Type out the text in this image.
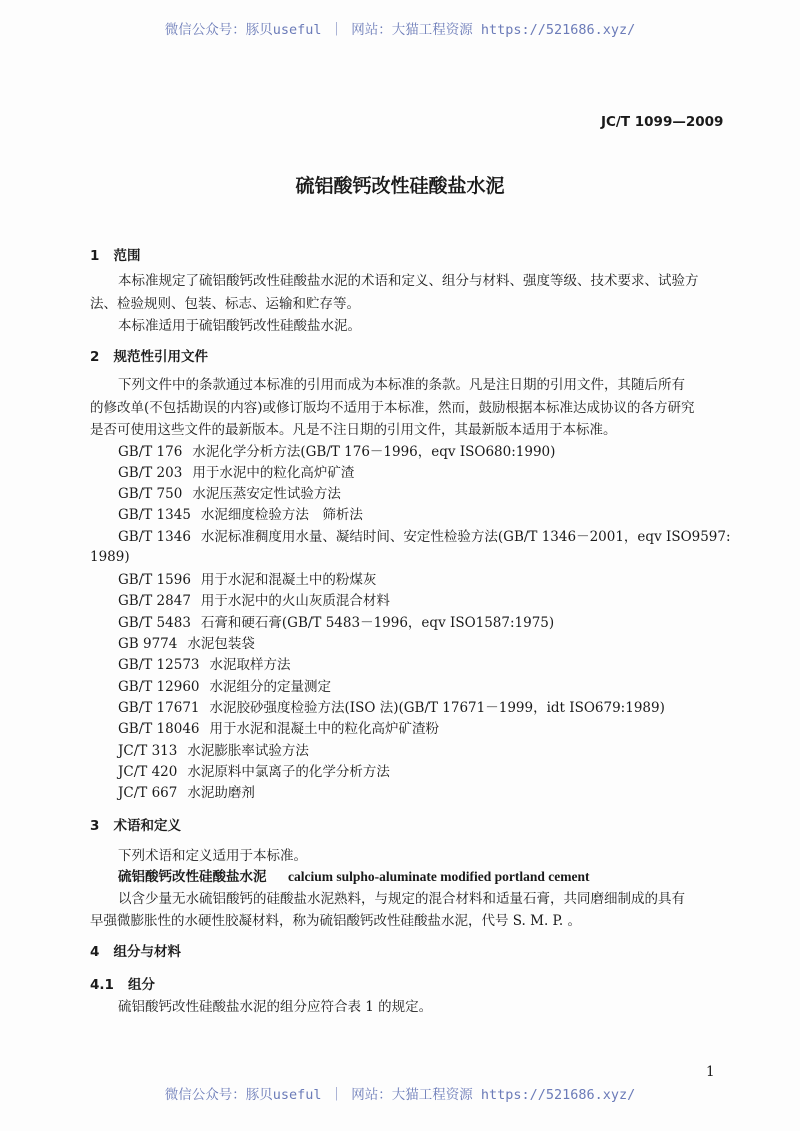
微信公众号：豚贝useful ｜ 网站：大猫工程资源 https://521686.xyz/
JC/T 1099—2009
硫铝酸钙改性硅酸盐水泥
1 范围
本标准规定了硫铝酸钙改性硅酸盐水泥的术语和定义、组分与材料、强度等级、技术要求、试验方
法、检验规则、包装、标志、运输和贮存等。
本标准适用于硫铝酸钙改性硅酸盐水泥。
2 规范性引用文件
下列文件中的条款通过本标准的引用而成为本标准的条款。凡是注日期的引用文件，其随后所有
的修改单(不包括勘误的内容)或修订版均不适用于本标准，然而，鼓励根据本标准达成协议的各方研究
是否可使用这些文件的最新版本。凡是不注日期的引用文件，其最新版本适用于本标准。
GB/T 176 水泥化学分析方法(GB/T 176－1996，eqv ISO680:1990)
GB/T 203 用于水泥中的粒化高炉矿渣
GB/T 750 水泥压蒸安定性试验方法
GB/T 1345 水泥细度检验方法　筛析法
GB/T 1346 水泥标准稠度用水量、凝结时间、安定性检验方法(GB/T 1346－2001，eqv ISO9597:
GB/T 1596 用于水泥和混凝土中的粉煤灰
GB/T 2847 用于水泥中的火山灰质混合材料
GB/T 5483 石膏和硬石膏(GB/T 5483－1996，eqv ISO1587:1975)
GB 9774 水泥包装袋
GB/T 12573 水泥取样方法
GB/T 12960 水泥组分的定量测定
GB/T 17671 水泥胶砂强度检验方法(ISO 法)(GB/T 17671－1999，idt ISO679:1989)
GB/T 18046 用于水泥和混凝土中的粒化高炉矿渣粉
JC/T 313 水泥膨胀率试验方法
JC/T 420 水泥原料中氯离子的化学分析方法
JC/T 667 水泥助磨剂
1989)
3 术语和定义
下列术语和定义适用于本标准。
硫铝酸钙改性硅酸盐水泥 calcium sulpho-aluminate modified portland cement
以含少量无水硫铝酸钙的硅酸盐水泥熟料，与规定的混合材料和适量石膏，共同磨细制成的具有
早强微膨胀性的水硬性胶凝材料，称为硫铝酸钙改性硅酸盐水泥，代号 S. M. P. 。
4 组分与材料
4.1 组分
硫铝酸钙改性硅酸盐水泥的组分应符合表 1 的规定。
1
微信公众号：豚贝useful ｜ 网站：大猫工程资源 https://521686.xyz/
